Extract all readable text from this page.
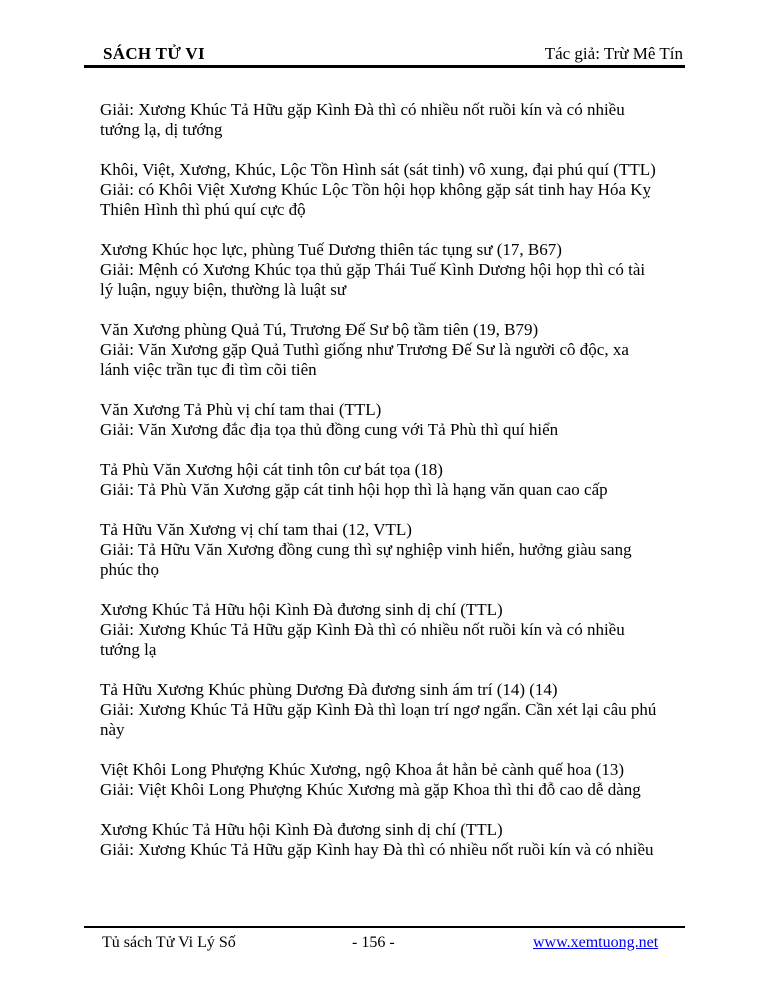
SÁCH TỬ VI	Tác giả: Trừ Mê Tín
Giải: Xương Khúc Tả Hữu gặp Kình Đà thì có nhiều nốt ruồi kín và có nhiều
tướng lạ, dị tướng
Khôi, Việt, Xương, Khúc, Lộc Tồn Hình sát (sát tinh) vô xung, đại phú quí (TTL)
Giải: có Khôi Việt Xương Khúc Lộc Tồn hội họp không gặp sát tinh hay Hóa Kỵ
Thiên Hình thì phú quí cực độ
Xương Khúc học lực, phùng Tuế Dương thiên tác tụng sư (17, B67)
Giải: Mệnh có Xương Khúc tọa thủ gặp Thái Tuế Kình Dương hội họp thì có tài
lý luận, ngụy biện, thường là luật sư
Văn Xương phùng Quả Tú, Trương Đế Sư bộ tầm tiên (19, B79)
Giải: Văn Xương gặp Quả Tuthì giống như Trương Đế Sư là người cô độc, xa
lánh việc trần tục đi tìm cõi tiên
Văn Xương Tả Phù vị chí tam thai (TTL)
Giải: Văn Xương đắc địa tọa thủ đồng cung với Tả Phù thì quí hiển
Tả Phù Văn Xương hội cát tinh tôn cư bát tọa (18)
Giải: Tả Phù Văn Xương gặp cát tinh hội họp thì là hạng văn quan cao cấp
Tả Hữu Văn Xương vị chí tam thai (12, VTL)
Giải: Tả Hữu Văn Xương đồng cung thì sự nghiệp vinh hiển, hưởng giàu sang
phúc thọ
Xương Khúc Tả Hữu hội Kình Đà đương sinh dị chí (TTL)
Giải: Xương Khúc Tả Hữu gặp Kình Đà thì có nhiều nốt ruồi kín và có nhiều
tướng lạ
Tả Hữu Xương Khúc phùng Dương Đà đương sinh ám trí (14) (14)
Giải: Xương Khúc Tả Hữu gặp Kình Đà thì loạn trí ngơ ngẩn. Cần xét lại câu phú
này
Việt Khôi Long Phượng Khúc Xương, ngộ Khoa ắt hẳn bẻ cành quế hoa (13)
Giải: Việt Khôi Long Phượng Khúc Xương mà gặp Khoa thì thi đỗ cao dễ dàng
Xương Khúc Tả Hữu hội Kình Đà đương sinh dị chí (TTL)
Giải: Xương Khúc Tả Hữu gặp Kình hay Đà thì có nhiều nốt ruồi kín và có nhiều
Tủ sách Tử Vi Lý Số	- 156 -	www.xemtuong.net
